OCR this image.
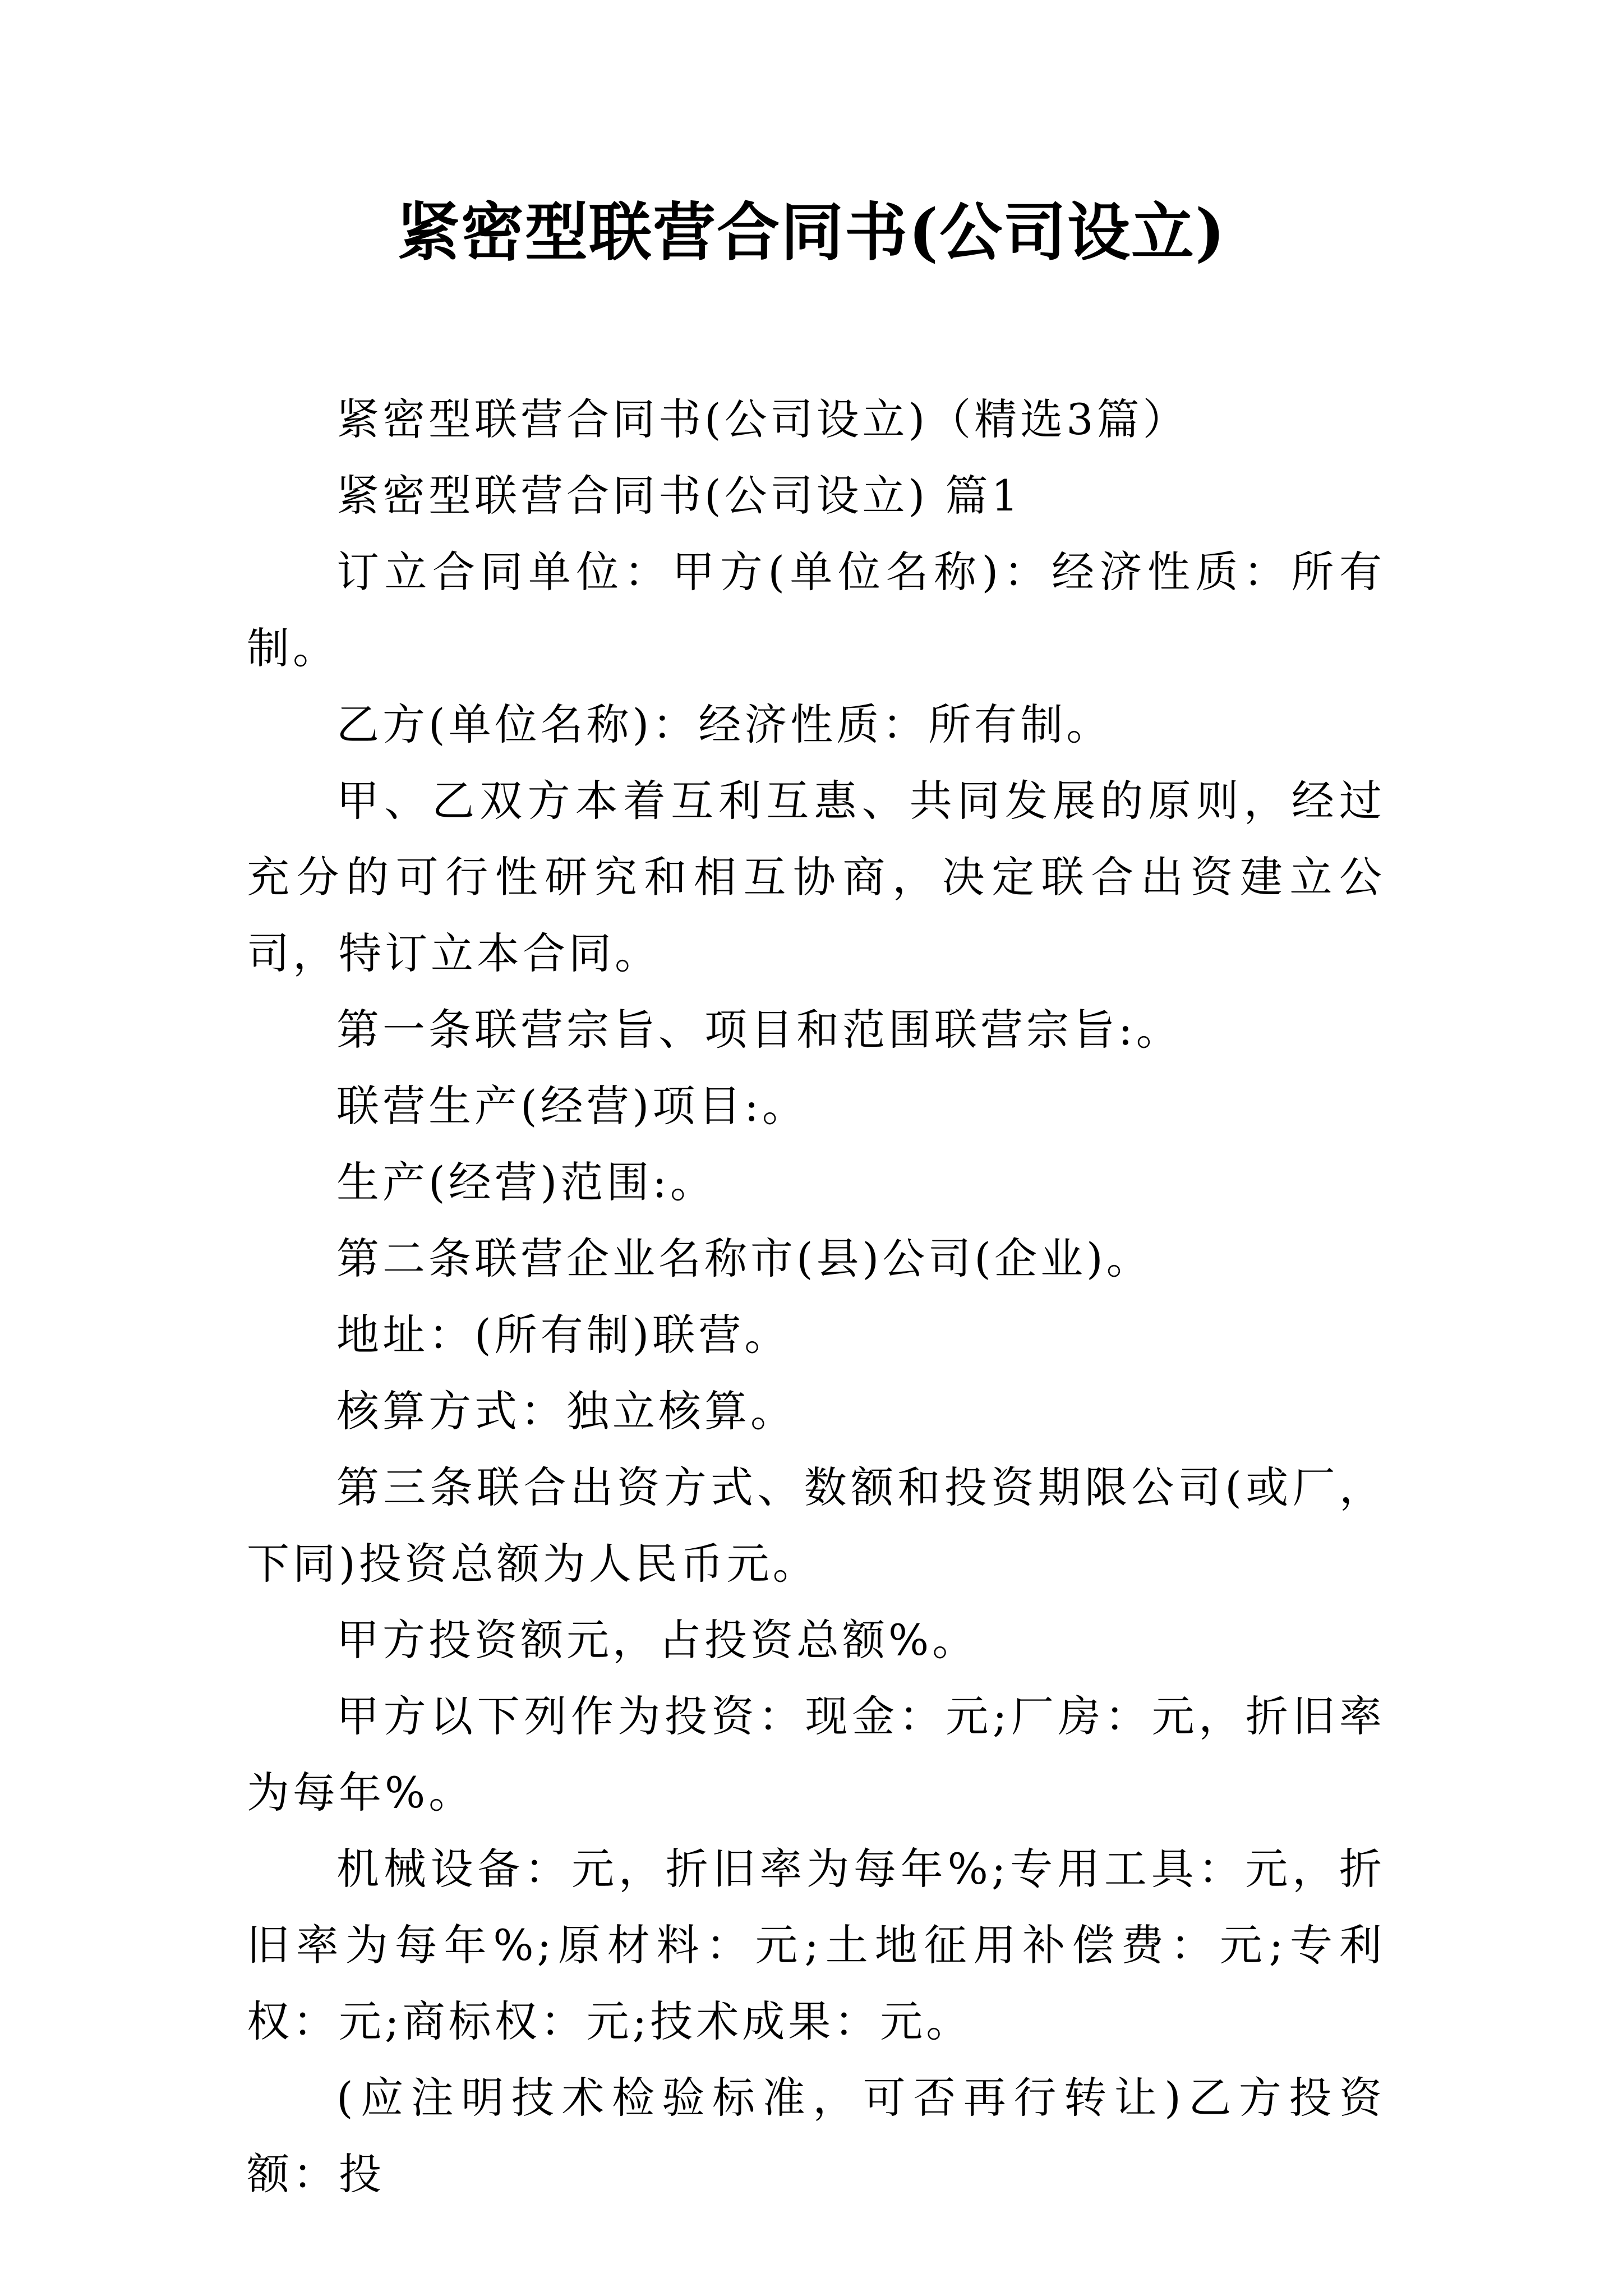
紧密型联营合同书(公司设立)

紧密型联营合同书(公司设立)（精选3篇）

紧密型联营合同书(公司设立) 篇1

订立合同单位：甲方(单位名称)：经济性质：所有制。

乙方(单位名称)：经济性质：所有制。

甲、乙双方本着互利互惠、共同发展的原则，经过充分的可行性研究和相互协商，决定联合出资建立公司，特订立本合同。

第一条联营宗旨、项目和范围联营宗旨:。

联营生产(经营)项目:。

生产(经营)范围:。

第二条联营企业名称市(县)公司(企业)。

地址：(所有制)联营。

核算方式：独立核算。

第三条联合出资方式、数额和投资期限公司(或厂，下同)投资总额为人民币元。

甲方投资额元，占投资总额%。

甲方以下列作为投资：现金：元;厂房：元，折旧率为每年%。

机械设备：元，折旧率为每年%;专用工具：元，折旧率为每年%;原材料：元;土地征用补偿费：元;专利权：元;商标权：元;技术成果：元。

(应注明技术检验标准，可否再行转让)乙方投资额：投
